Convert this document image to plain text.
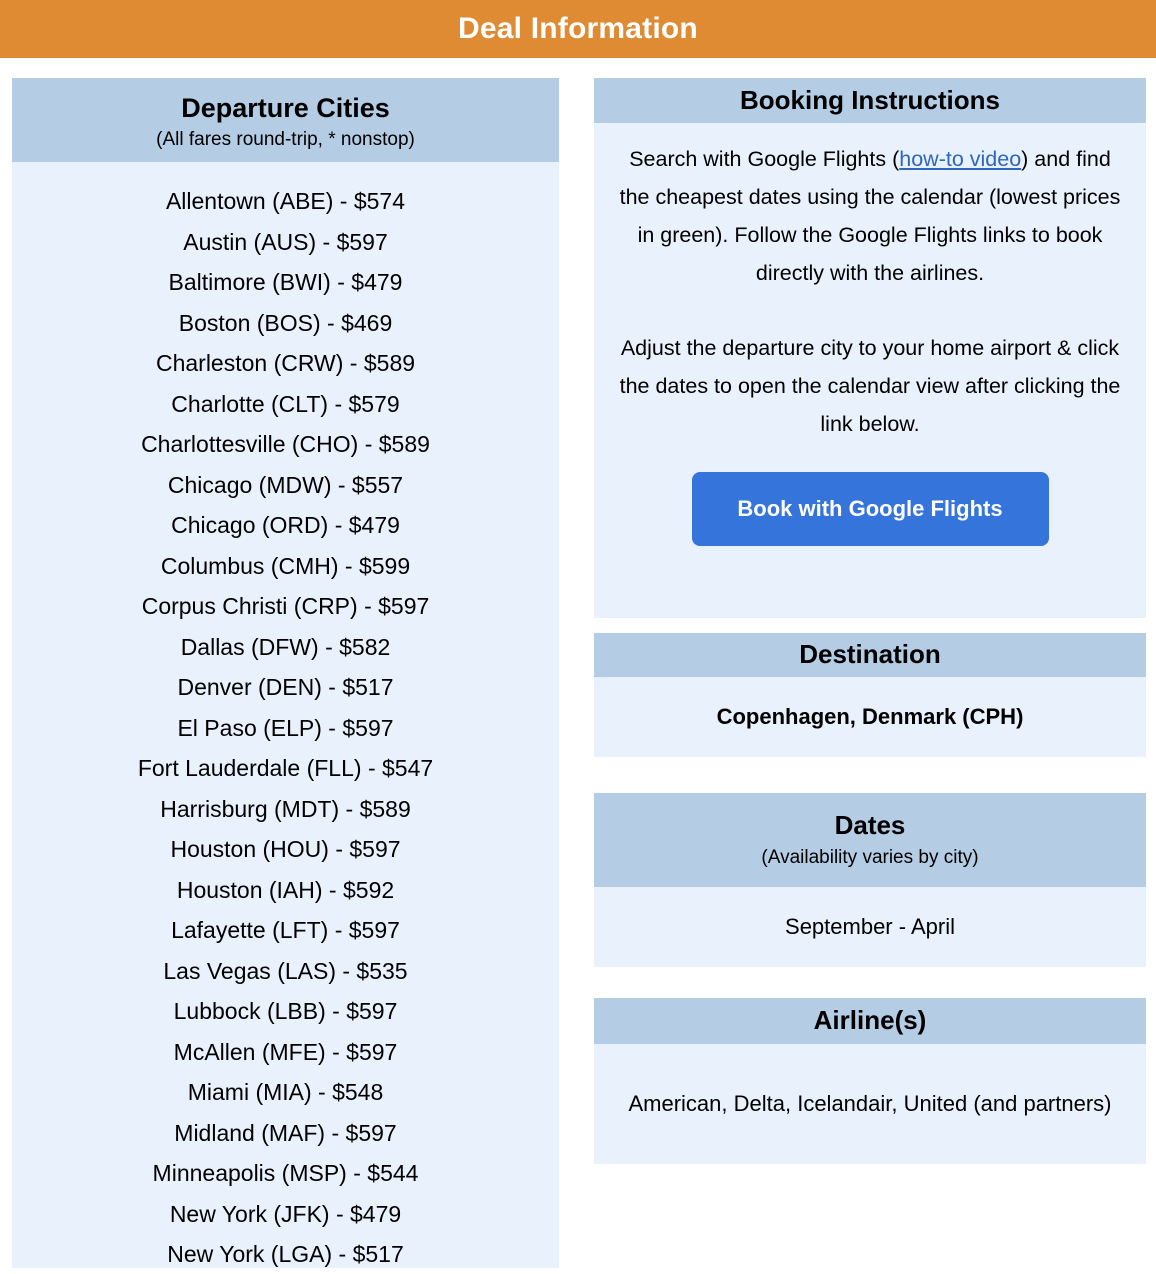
Deal Information
Departure Cities
(All fares round-trip, * nonstop)
Allentown (ABE) - $574
Austin (AUS) - $597
Baltimore (BWI) - $479
Boston (BOS) - $469
Charleston (CRW) - $589
Charlotte (CLT) - $579
Charlottesville (CHO) - $589
Chicago (MDW) - $557
Chicago (ORD) - $479
Columbus (CMH) - $599
Corpus Christi (CRP) - $597
Dallas (DFW) - $582
Denver (DEN) - $517
El Paso (ELP) - $597
Fort Lauderdale (FLL) - $547
Harrisburg (MDT) - $589
Houston (HOU) - $597
Houston (IAH) - $592
Lafayette (LFT) - $597
Las Vegas (LAS) - $535
Lubbock (LBB) - $597
McAllen (MFE) - $597
Miami (MIA) - $548
Midland (MAF) - $597
Minneapolis (MSP) - $544
New York (JFK) - $479
New York (LGA) - $517
Booking Instructions

Search with Google Flights (how-to video) and find the cheapest dates using the calendar (lowest prices in green). Follow the Google Flights links to book directly with the airlines.

Adjust the departure city to your home airport & click the dates to open the calendar view after clicking the link below.

Book with Google Flights
Destination
Copenhagen, Denmark (CPH)
Dates
(Availability varies by city)
September - April
Airline(s)
American, Delta, Icelandair, United (and partners)
